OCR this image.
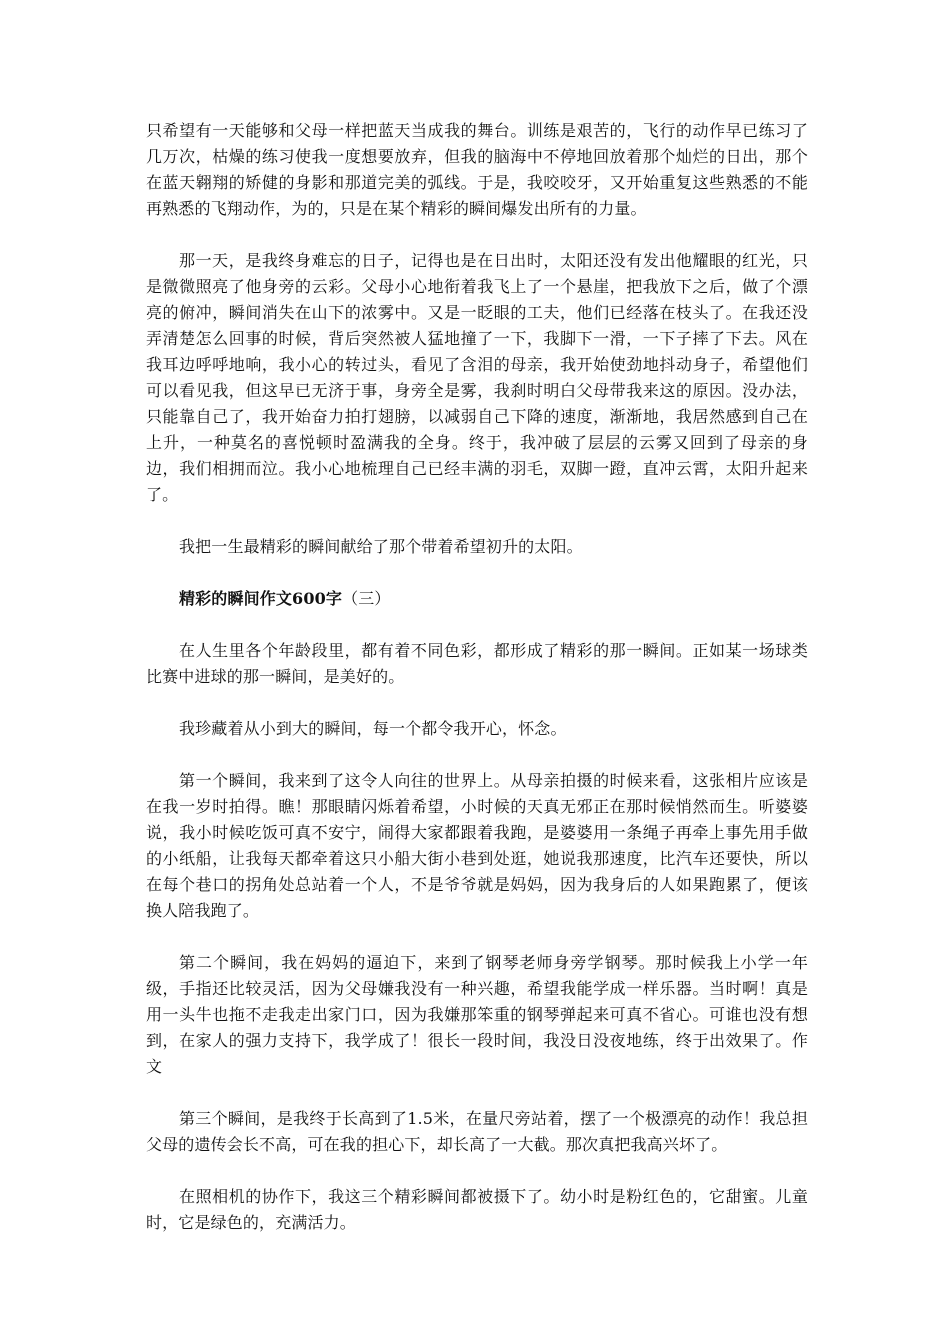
只希望有一天能够和父母一样把蓝天当成我的舞台。训练是艰苦的，飞行的动作早已练习了几万次，枯燥的练习使我一度想要放弃，但我的脑海中不停地回放着那个灿烂的日出，那个在蓝天翱翔的矫健的身影和那道完美的弧线。于是，我咬咬牙，又开始重复这些熟悉的不能再熟悉的飞翔动作，为的，只是在某个精彩的瞬间爆发出所有的力量。

那一天，是我终身难忘的日子，记得也是在日出时，太阳还没有发出他耀眼的红光，只是微微照亮了他身旁的云彩。父母小心地衔着我飞上了一个悬崖，把我放下之后，做了个漂亮的俯冲，瞬间消失在山下的浓雾中。又是一眨眼的工夫，他们已经落在枝头了。在我还没弄清楚怎么回事的时候，背后突然被人猛地撞了一下，我脚下一滑，一下子摔了下去。风在我耳边呼呼地响，我小心的转过头，看见了含泪的母亲，我开始使劲地抖动身子，希望他们可以看见我，但这早已无济于事，身旁全是雾，我刹时明白父母带我来这的原因。没办法，只能靠自己了，我开始奋力拍打翅膀，以减弱自己下降的速度，渐渐地，我居然感到自己在上升，一种莫名的喜悦顿时盈满我的全身。终于，我冲破了层层的云雾又回到了母亲的身边，我们相拥而泣。我小心地梳理自己已经丰满的羽毛，双脚一蹬，直冲云霄，太阳升起来了。

我把一生最精彩的瞬间献给了那个带着希望初升的太阳。

精彩的瞬间作文600字（三）

在人生里各个年龄段里，都有着不同色彩，都形成了精彩的那一瞬间。正如某一场球类比赛中进球的那一瞬间，是美好的。

我珍藏着从小到大的瞬间，每一个都令我开心，怀念。

第一个瞬间，我来到了这令人向往的世界上。从母亲拍摄的时候来看，这张相片应该是在我一岁时拍得。瞧！那眼睛闪烁着希望，小时候的天真无邪正在那时候悄然而生。听婆婆说，我小时候吃饭可真不安宁，闹得大家都跟着我跑，是婆婆用一条绳子再牵上事先用手做的小纸船，让我每天都牵着这只小船大街小巷到处逛，她说我那速度，比汽车还要快，所以在每个巷口的拐角处总站着一个人，不是爷爷就是妈妈，因为我身后的人如果跑累了，便该换人陪我跑了。

第二个瞬间，我在妈妈的逼迫下，来到了钢琴老师身旁学钢琴。那时候我上小学一年级，手指还比较灵活，因为父母嫌我没有一种兴趣，希望我能学成一样乐器。当时啊！真是用一头牛也拖不走我走出家门口，因为我嫌那笨重的钢琴弹起来可真不省心。可谁也没有想到，在家人的强力支持下，我学成了！很长一段时间，我没日没夜地练，终于出效果了。作文

第三个瞬间，是我终于长高到了1.5米，在量尺旁站着，摆了一个极漂亮的动作！我总担父母的遗传会长不高，可在我的担心下，却长高了一大截。那次真把我高兴坏了。

在照相机的协作下，我这三个精彩瞬间都被摄下了。幼小时是粉红色的，它甜蜜。儿童时，它是绿色的，充满活力。
